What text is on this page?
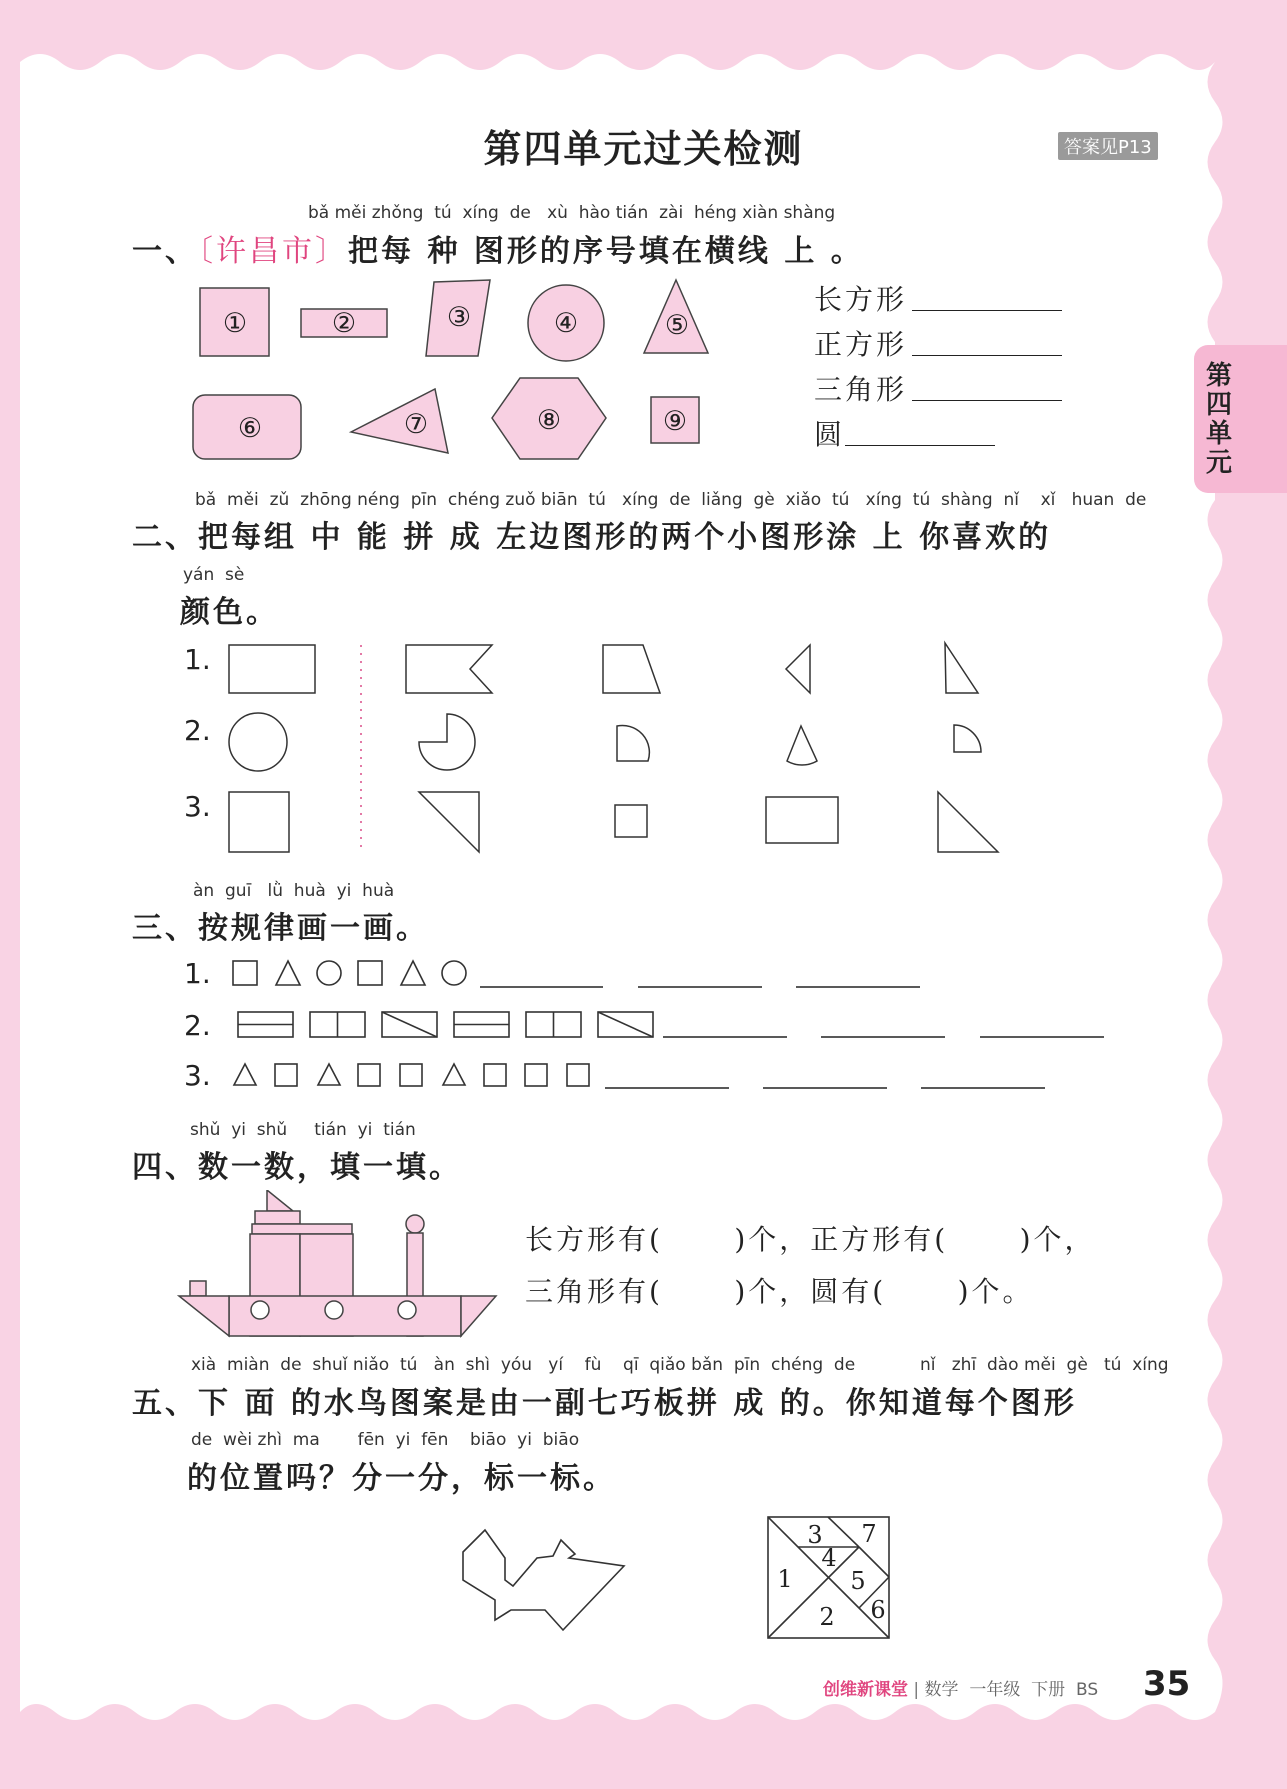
第四单元过关检测	答案见P13
第四单元
bǎ měi zhǒng  tú  xíng  de   xù  hào tián  zài  héng xiàn shàng
一、〔许昌市〕把每 种 图形的序号填在横线 上 。
①	②	③	④	⑤
⑥	⑦	⑧	⑨
长方形
正方形
三角形
圆
bǎ  měi  zǔ  zhōng néng  pīn  chéng zuǒ biān  tú   xíng  de  liǎng  gè  xiǎo  tú   xíng  tú  shàng  nǐ    xǐ   huan  de
二、把每组 中 能 拼 成 左边图形的两个小图形涂 上 你喜欢的
yán  sè
颜色。
1.
2.
3.
àn  guī   lǜ  huà  yi  huà
三、按规律画一画。
1.
2.
3.
shǔ  yi  shǔ     tián  yi  tián
四、数一数，填一填。
长方形有(      )个，正方形有(      )个，
三角形有(      )个，圆有(      )个。
xià  miàn  de  shuǐ niǎo  tú   àn  shì  yóu   yí    fù    qī  qiǎo bǎn  pīn  chéng  de            nǐ   zhī  dào měi  gè   tú  xíng
五、下 面 的水鸟图案是由一副七巧板拼 成 的。你知道每个图形
de  wèi zhì  ma       fēn  yi  fēn    biāo  yi  biāo
的位置吗？分一分，标一标。
1
2
3
4
5
6
7
创维新课堂 | 数学  一年级  下册  BS 35
